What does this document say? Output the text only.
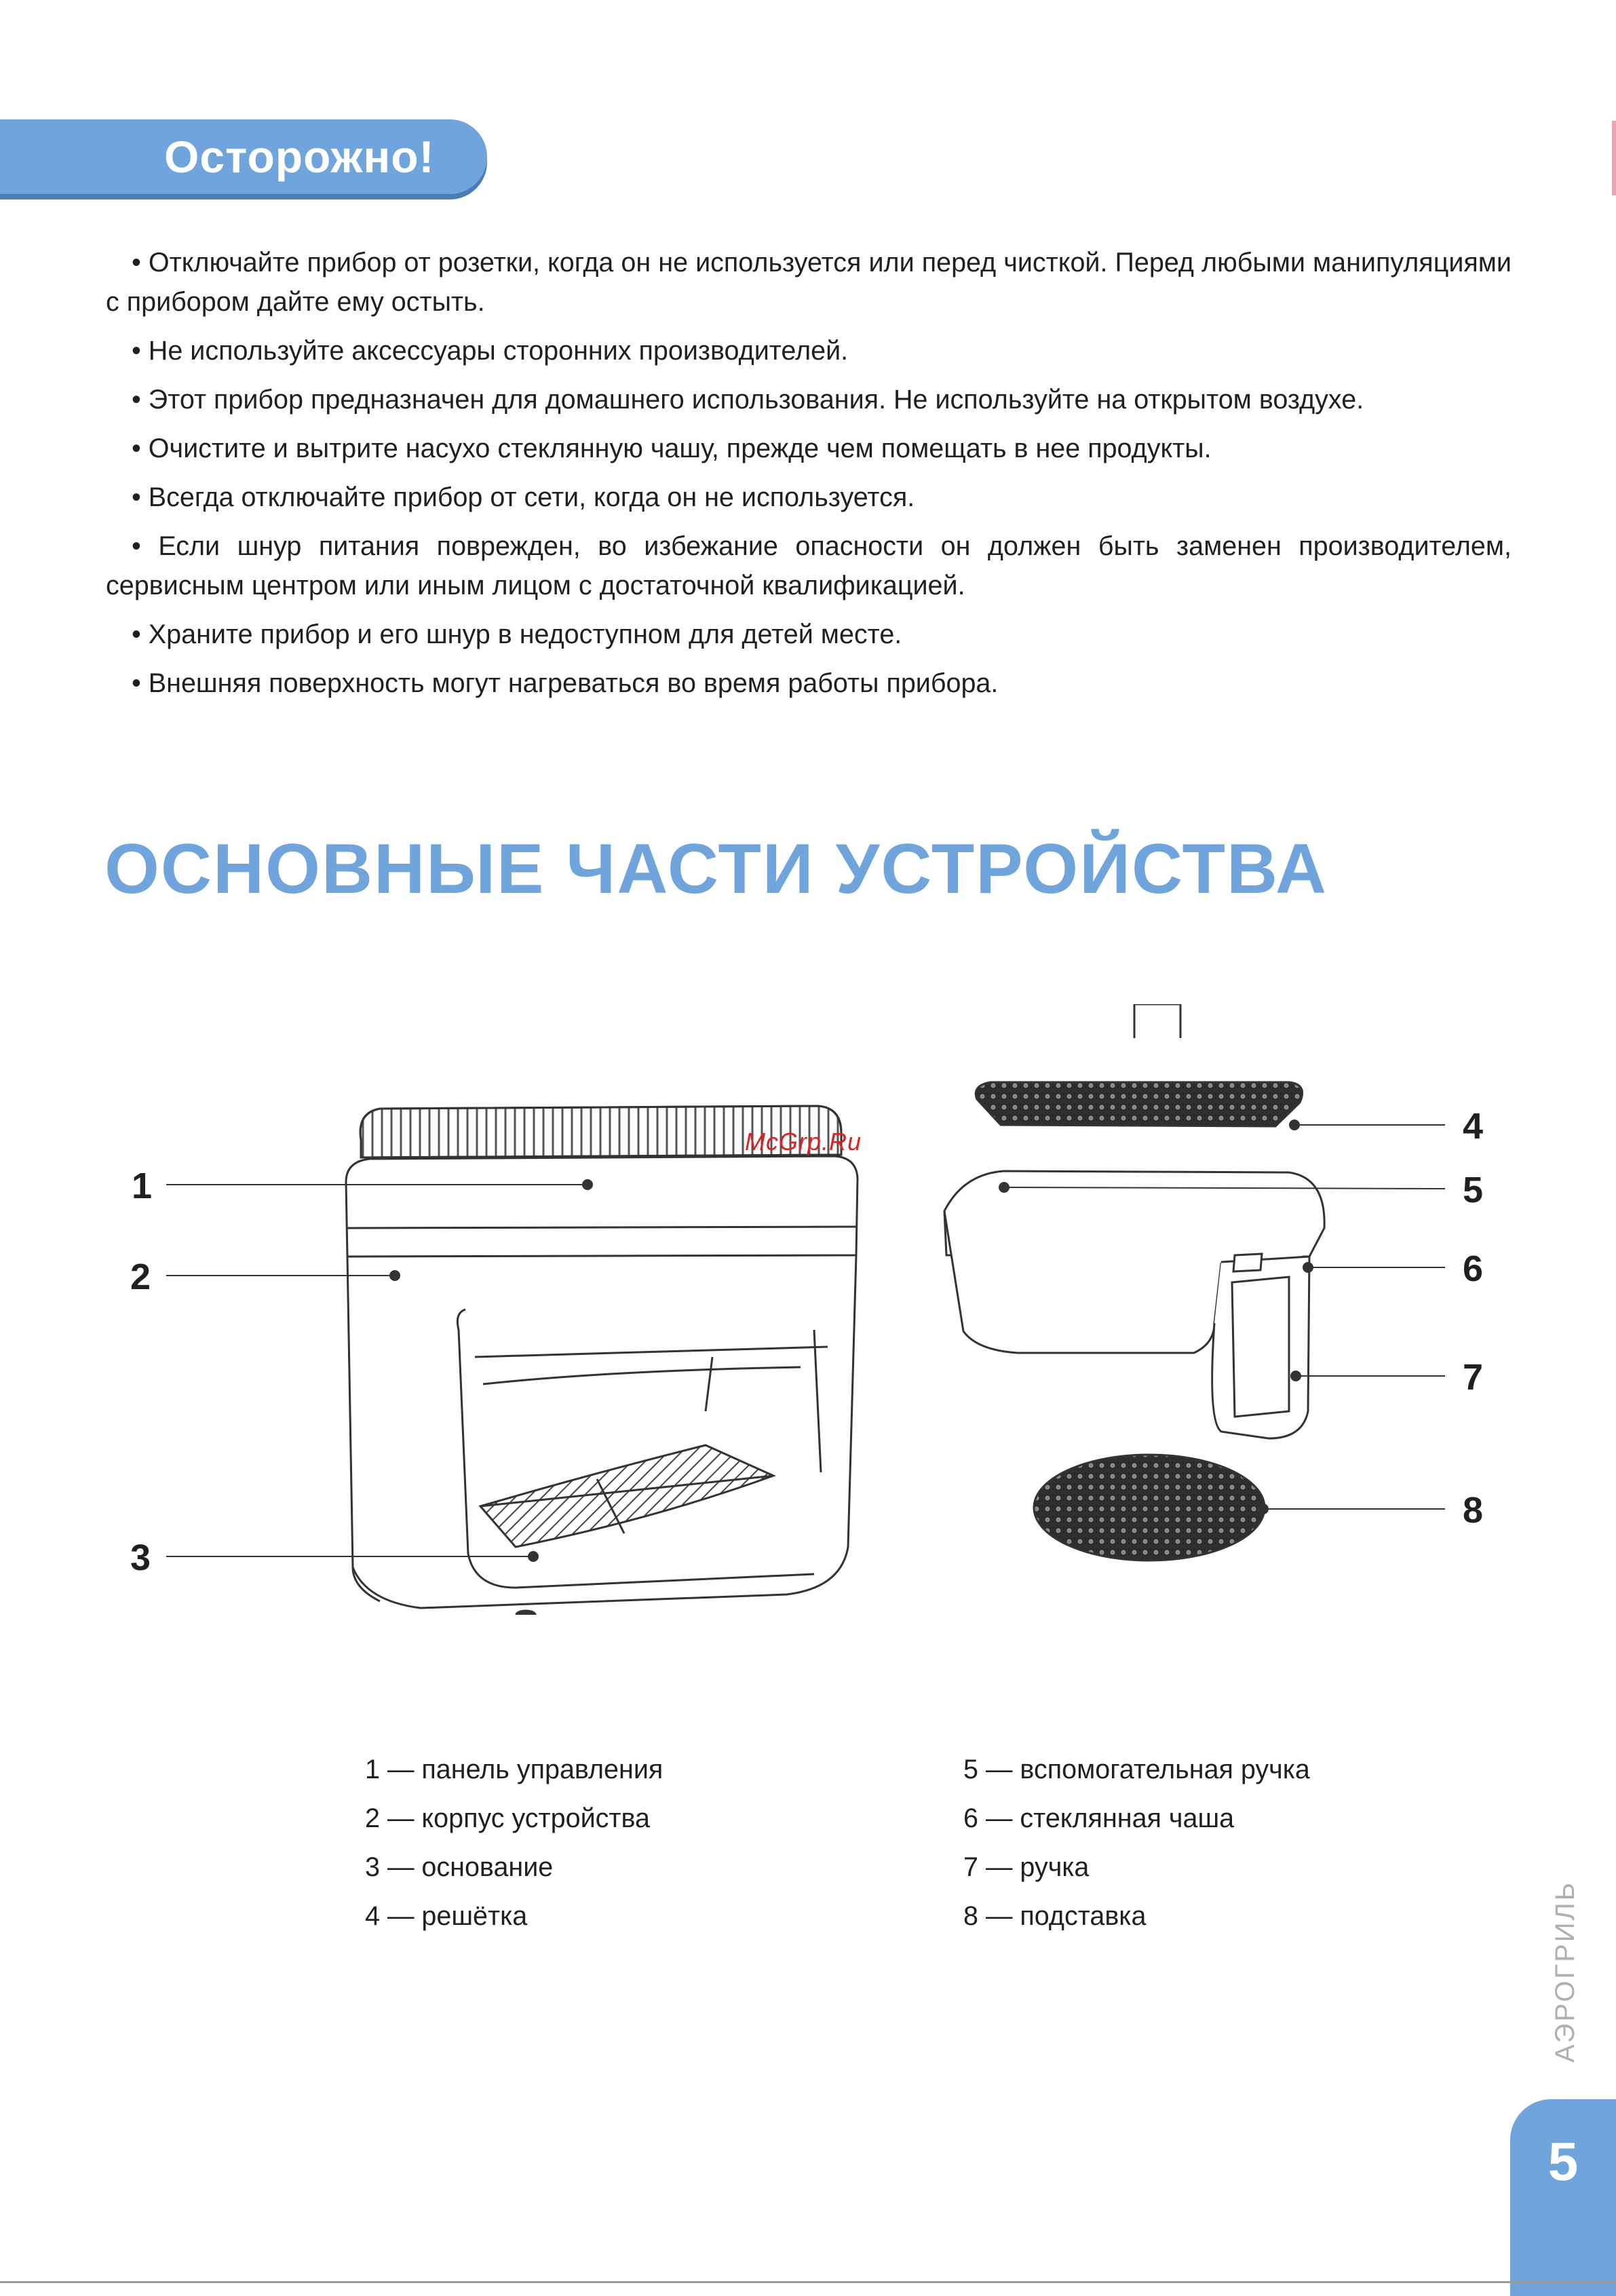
Осторожно!

• Отключайте прибор от розетки, когда он не используется или перед чисткой. Перед любыми манипуляциями с прибором дайте ему остыть.

• Не используйте аксессуары сторонних производителей.

• Этот прибор предназначен для домашнего использования. Не используйте на открытом воздухе.

• Очистите и вытрите насухо стеклянную чашу, прежде чем помещать в нее продукты.

• Всегда отключайте прибор от сети, когда он не используется.

• Если шнур питания поврежден, во избежание опасности он должен быть заменен производителем, сервисным центром или иным лицом с достаточной квалификацией.

• Храните прибор и его шнур в недоступном для детей месте.

• Внешняя поверхность могут нагреваться во время работы прибора.

ОСНОВНЫЕ ЧАСТИ УСТРОЙСТВА
1
2
3
4
5
6
7
8
McGrp.Ru
1 — панель управления
2 — корпус устройства
3 — основание
4 — решётка
5 — вспомогательная ручка
6 — стеклянная чаша
7 — ручка
8 — подставка	АЭРОГРИЛЬ
5
